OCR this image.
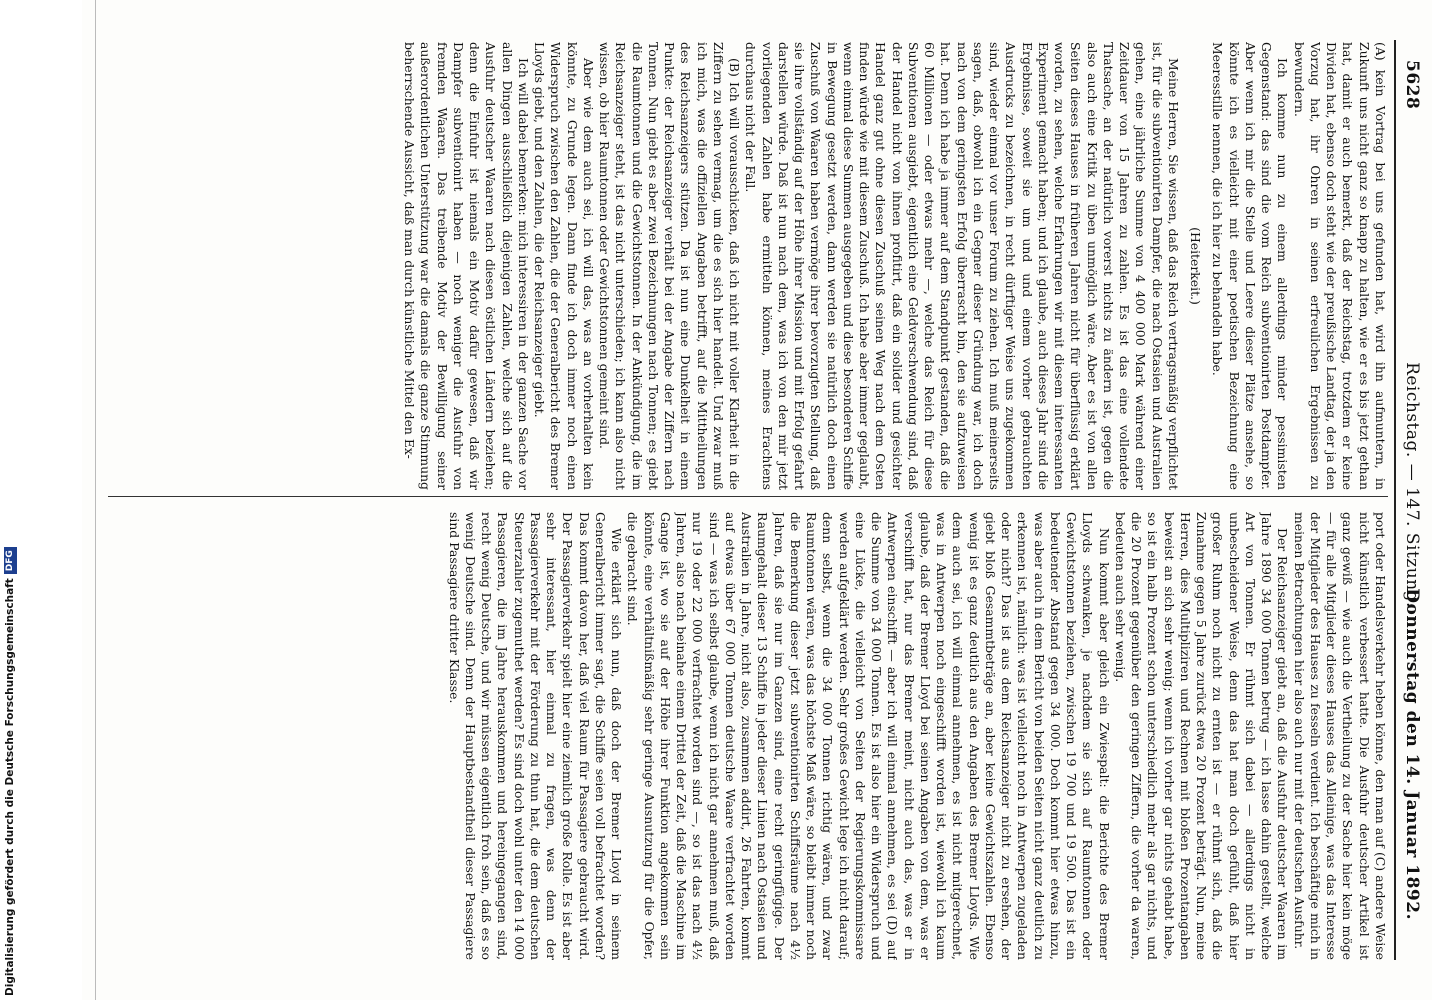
5628
Reichstag. — 147. Sitzung.
Donnerstag den 14. Januar 1892.

(A) kein Vortrag bei uns gefunden hat, wird ihn aufmuntern, in Zukunft uns nicht ganz so knapp zu halten, wie er es bis jetzt gethan hat, damit er auch bemerkt, daß der Reichstag, trotzdem er keine Dividen hat, ebenso doch steht wie der preußische Landtag, der ja den Vorzug hat, ihr Ohren in seinen erfreulichen Ergebnissen zu bewundern.

Ich komme nun zu einem allerdings minder pessimisten Gegenstand: das sind die vom Reich subventionirten Postdampfer. Aber wenn ich mir die Stelle und Leere dieser Plätze ansehe, so könnte ich es vielleicht mit einer poetischen Bezeichnung eine Meeresstille nennen, die ich hier zu behandeln habe.

(Heiterkeit.)

Meine Herren, Sie wissen, daß das Reich vertragsmäßig verpflichtet ist, für die subventionirten Dampfer, die nach Ostasien und Australien gehen, eine jährliche Summe von 4 400 000 Mark während einer Zeitdauer von 15 Jahren zu zahlen. Es ist das eine vollendete Thatsache, an der natürlich vorerst nichts zu ändern ist, gegen die also auch eine Kritik zu üben unmöglich wäre. Aber es ist von allen Seiten dieses Hauses in früheren Jahren nicht für überflüssig erklärt worden, zu sehen, welche Erfahrungen wir mit diesem interessanten Experiment gemacht haben; und ich glaube, auch dieses Jahr sind die Ergebnisse, soweit sie um und und einem vorher gebrauchten Ausdrucks zu bezeichnen, in recht dürftiger Weise uns zugekommen sind, wieder einmal vor unser Forum zu ziehen. Ich muß meinerseits sagen, daß, obwohl ich ein Gegner dieser Gründung war, ich doch nach von dem geringsten Erfolg überrascht bin, den sie aufzuweisen hat. Denn ich habe ja immer auf dem Standpunkt gestanden, daß die 60 Millionen — oder etwas mehr —, welche das Reich für diese Subventionen ausgiebt, eigentlich eine Geldverschwendung sind, daß der Handel nicht von ihnen profitirt, daß ein solider und gesichter Handel ganz gut ohne diesen Zuschuß seinen Weg nach dem Osten finden würde wie mit diesem Zuschuß. Ich habe aber immer geglaubt, wenn einmal diese Summen ausgegeben und diese besonderen Schiffe in Bewegung gesetzt werden, dann werden sie natürlich doch einen Zuschuß von Waaren haben vermöge ihrer bevorzugten Stellung, daß sie ihre vollständig auf der Höhe ihrer Mission und mit Erfolg gefahrt darstellen würde. Daß ist nun nach dem, was ich von den mir jetzt vorliegenden Zahlen habe ermitteln können, meines Erachtens durchaus nicht der Fall.

(B) Ich will vorausschicken, daß ich nicht mit voller Klarheit in die Ziffern zu sehen vermag, um die es sich hier handelt. Und zwar muß ich mich, was die offiziellen Angaben betrifft, auf die Mittheilungen des Reichsanzeigers stützen. Da ist nun eine Dunkelheit in einem Punkte: der Reichsanzeiger verhält bei der Angabe der Ziffern nach Tonnen. Nun giebt es aber zwei Bezeichnungen nach Tonnen; es giebt die Raumtonnen und die Gewichtstonnen. In der Ankündigung, die im Reichsanzeiger steht, ist das nicht unterschieden; ich kann also nicht wissen, ob hier Raumtonnen oder Gewichtstonnen gemeint sind.

Aber wie dem auch sei, ich will das, was an vorherhalten kein könnte, zu Grunde legen. Dann finde ich doch immer noch einen Widerspruch zwischen den Zahlen, die der Generalbericht des Bremer Lloyds giebt, und den Zahlen, die der Reichsanzeiger giebt.

Ich will dabei bemerken: mich interessiren in der ganzen Sache vor allen Dingen ausschließlich diejenigen Zahlen, welche sich auf die Ausfuhr deutscher Waaren nach diesen östlichen Ländern beziehen; denn die Einfuhr ist niemals ein Motiv dafür gewesen, daß wir Dampfer subventionirt haben — noch weniger die Ausfuhr von fremden Waaren. Das treibende Motiv der Bewilligung seiner außerordentlichen Unterstützung war die damals die ganze Stimmung beherrschende Aussicht, daß man durch künstliche Mittel den Ex-

port oder Handelsverkehr heben könne, den man auf (C) andere Weise nicht künstlich verbessert hatte. Die Ausfuhr deutscher Artikel ist ganz gewiß — wie auch die Vertheilung zu der Sache hier kein möge — für alle Mitglieder dieses Hauses das Alleinige, was das Interesse der Mitglieder des Hauses zu fesseln verdient. Ich beschäftige mich in meinen Betrachtungen hier also auch nur mit der deutschen Ausfuhr.

Der Reichsanzeiger giebt an, daß die Ausfuhr deutscher Waaren im Jahre 1890 34 000 Tonnen betrug — ich lasse dahin gestellt, welche Art von Tonnen. Er rühmt sich dabei — allerdings nicht in unbescheidener Weise, denn das hat man doch gefühlt, daß hier großer Ruhm noch nicht zu ernten ist — er rühmt sich, daß die Zunahme gegen 5 Jahre zurück etwa 20 Prozent beträgt. Nun, meine Herren, dies Multipliziren und Rechnen mit bloßen Prozentangaben beweist an sich sehr wenig; wenn ich vorher gar nichts gehabt habe, so ist ein halb Prozent schon unterschiedlich mehr als gar nichts, und die 20 Prozent gegenüber den geringen Ziffern, die vorher da waren, bedeuten auch sehr wenig.

Nun kommt aber gleich ein Zwiespalt: die Berichte des Bremer Lloyds schwanken, je nachdem sie sich auf Raumtonnen oder Gewichtstonnen beziehen, zwischen 19 700 und 19 500. Das ist ein bedeutender Abstand gegen 34 000. Doch kommt hier etwas hinzu, was aber auch in dem Bericht von beiden Seiten nicht ganz deutlich zu erkennen ist, nämlich: was ist vielleicht noch in Antwerpen zugeladen oder nicht? Das ist aus dem Reichsanzeiger nicht zu ersehen, der giebt bloß Gesammtbeträge an, aber keine Gewichtszahlen. Ebenso wenig ist es ganz deutlich aus den Angaben des Bremer Lloyds. Wie dem auch sei, ich will einmal annehmen, es ist nicht mitgerechnet, was in Antwerpen noch eingeschifft worden ist, wiewohl ich kaum glaube, daß der Bremer Lloyd bei seinen Angaben von dem, was er verschifft hat, nur das Bremer meint, nicht auch das, was er in Antwerpen einschifft — aber ich will einmal annehmen, es sei (D) auf die Summe von 34 000 Tonnen. Es ist also hier ein Widerspruch und eine Lücke, die vielleicht von Seiten der Regierungskommissare werden aufgeklärt werden. Sehr großes Gewicht lege ich nicht darauf; denn selbst, wenn die 34 000 Tonnen richtig wären, und zwar Raumtonnen wären, was das höchste Maß wäre, so bleibt immer noch die Bemerkung dieser jetzt subventionirten Schiffsräume nach 4½ Jahren, daß sie nur im Ganzen sind, eine recht geringfügige. Der Raumgehalt dieser 13 Schiffe in jeder dieser Linien nach Ostasien und Australien in Jahre, nicht also, zusammen addirt, 26 Fahrten, kommt auf etwas über 67 000 Tonnen deutsche Waare verfrachtet worden sind — was ich selbst glaube, wenn ich nicht gar annehmen muß, daß nur 19 oder 22 000 verfrachtet worden sind —, so ist das nach 4½ Jahren, also nach beinahe einem Drittel der Zeit, daß die Maschine im Gange ist, wo sie auf der Höhe ihrer Funktion angekommen sein könnte, eine verhältnißmäßig sehr geringe Ausnutzung für die Opfer, die gebracht sind.

Wie erklärt sich nun, daß doch der Bremer Lloyd in seinem Generalbericht immer sagt, die Schiffe seien voll befrachtet worden? Das kommt davon her, daß viel Raum für Passagiere gebraucht wird. Der Passagierverkehr spielt hier eine ziemlich große Rolle. Es ist aber sehr interessant, hier einmal zu fragen, was denn der Passagierverkehr mit der Förderung zu thun hat, die dem deutschen Steuerzahler zugemuthet werden? Es sind doch wohl unter den 14 000 Passagieren, die im Jahre herauskommen und hereingegangen sind, recht wenig Deutsche, und wir müssen eigentlich froh sein, daß es so wenig Deutsche sind. Denn der Hauptbestandtheil dieser Passagiere sind Passagiere dritter Klasse.

Digitalisierung gefördert durch die Deutsche Forschungsgemeinschaft
DFG
